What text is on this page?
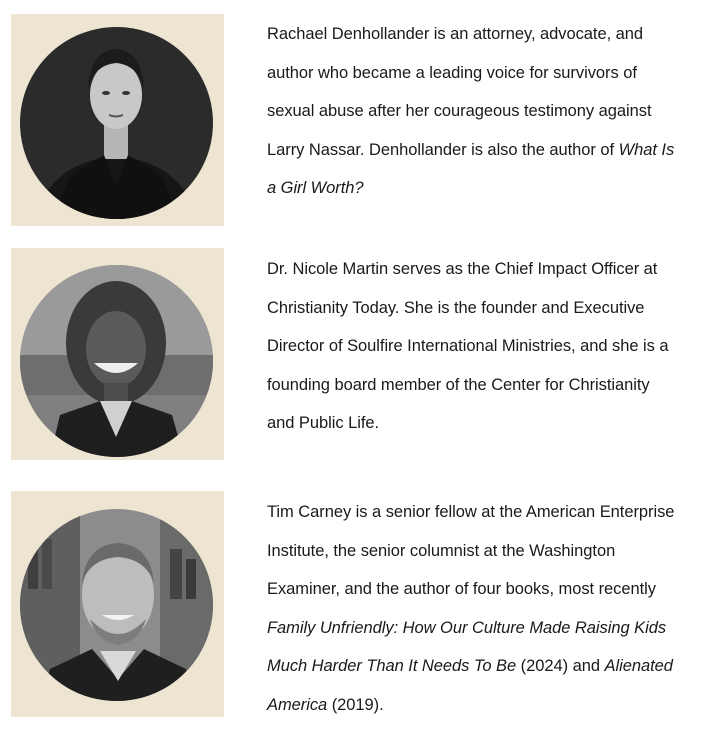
Rachael Denhollander is an attorney, advocate, and
author who became a leading voice for survivors of
sexual abuse after her courageous testimony against
Larry Nassar. Denhollander is also the author of What Is
a Girl Worth?
Dr. Nicole Martin serves as the Chief Impact Officer at
Christianity Today. She is the founder and Executive
Director of Soulfire International Ministries, and she is a
founding board member of the Center for Christianity
and Public Life.
Tim Carney is a senior fellow at the American Enterprise
Institute, the senior columnist at the Washington
Examiner, and the author of four books, most recently
Family Unfriendly: How Our Culture Made Raising Kids
Much Harder Than It Needs To Be (2024) and Alienated
America (2019).
